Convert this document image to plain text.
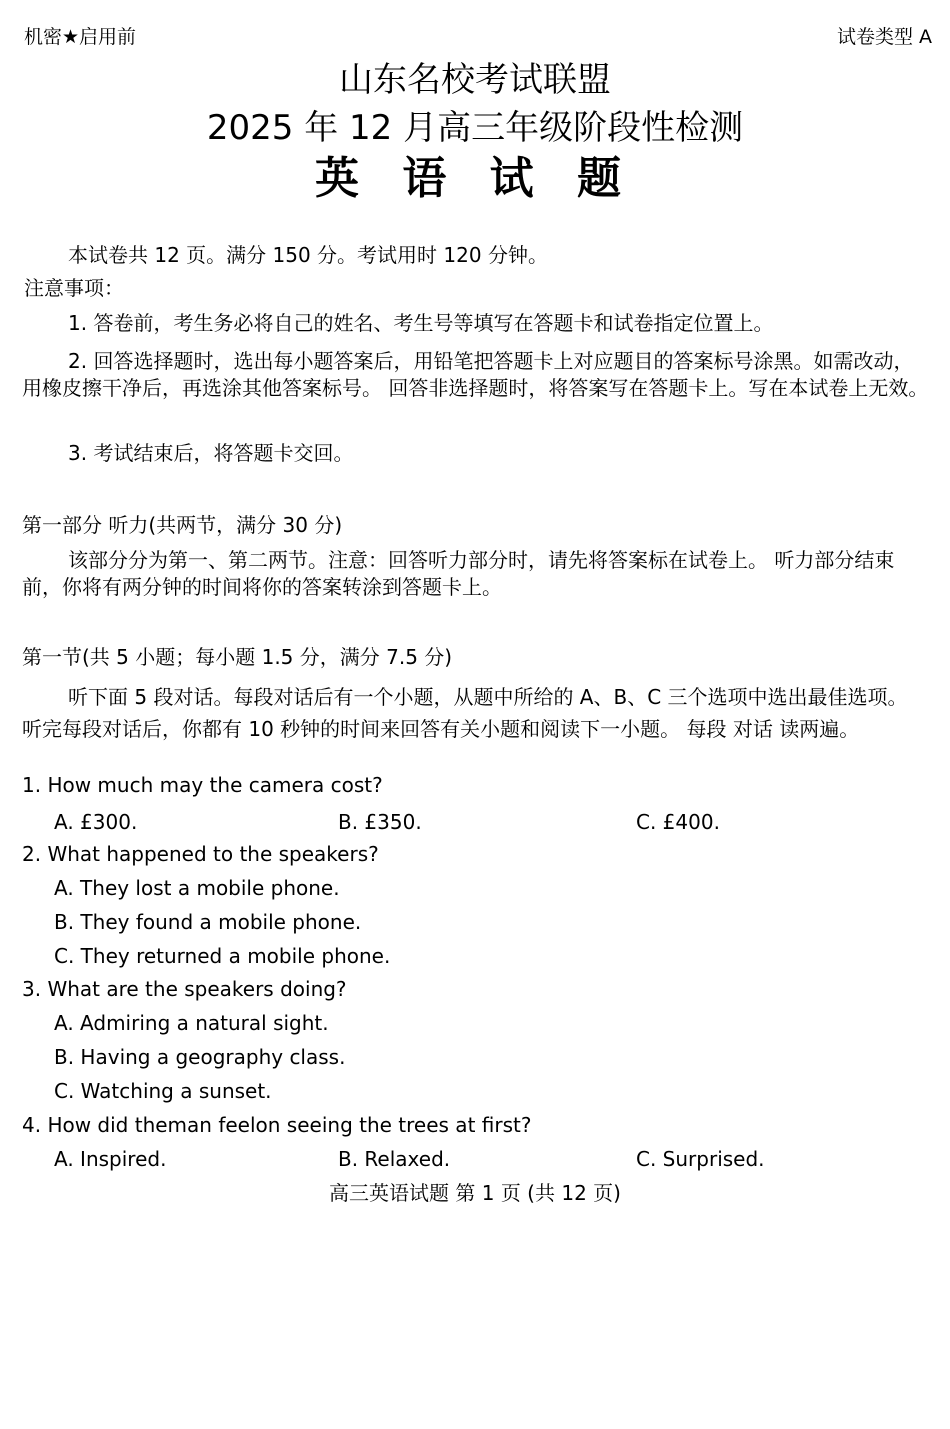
机密★启用前	试卷类型 A
山东名校考试联盟
2025 年 12 月高三年级阶段性检测
英 语 试 题
本试卷共 12 页。满分 150 分。考试用时 120 分钟。
注意事项：
1. 答卷前，考生务必将自己的姓名、考生号等填写在答题卡和试卷指定位置上。
2. 回答选择题时，选出每小题答案后，用铅笔把答题卡上对应题目的答案标号涂黑。如需改动，用橡皮擦干净后，再选涂其他答案标号。 回答非选择题时，将答案写在答题卡上。写在本试卷上无效。
3. 考试结束后，将答题卡交回。
第一部分 听力(共两节，满分 30 分)
该部分分为第一、第二两节。注意：回答听力部分时，请先将答案标在试卷上。 听力部分结束前，你将有两分钟的时间将你的答案转涂到答题卡上。
第一节(共 5 小题；每小题 1.5 分，满分 7.5 分)
听下面 5 段对话。每段对话后有一个小题，从题中所给的 A、B、C 三个选项中选出最佳选项。 听完每段对话后，你都有 10 秒钟的时间来回答有关小题和阅读下一小题。 每段 对话 读两遍。
1. How much may the camera cost?
A. £300.	B. £350.	C. £400.
2. What happened to the speakers?
A. They lost a mobile phone.
B. They found a mobile phone.
C. They returned a mobile phone.
3. What are the speakers doing?
A. Admiring a natural sight.
B. Having a geography class.
C. Watching a sunset.
4. How did theman feelon seeing the trees at first?
A. Inspired.	B. Relaxed.	C. Surprised.
高三英语试题 第 1 页 (共 12 页)
